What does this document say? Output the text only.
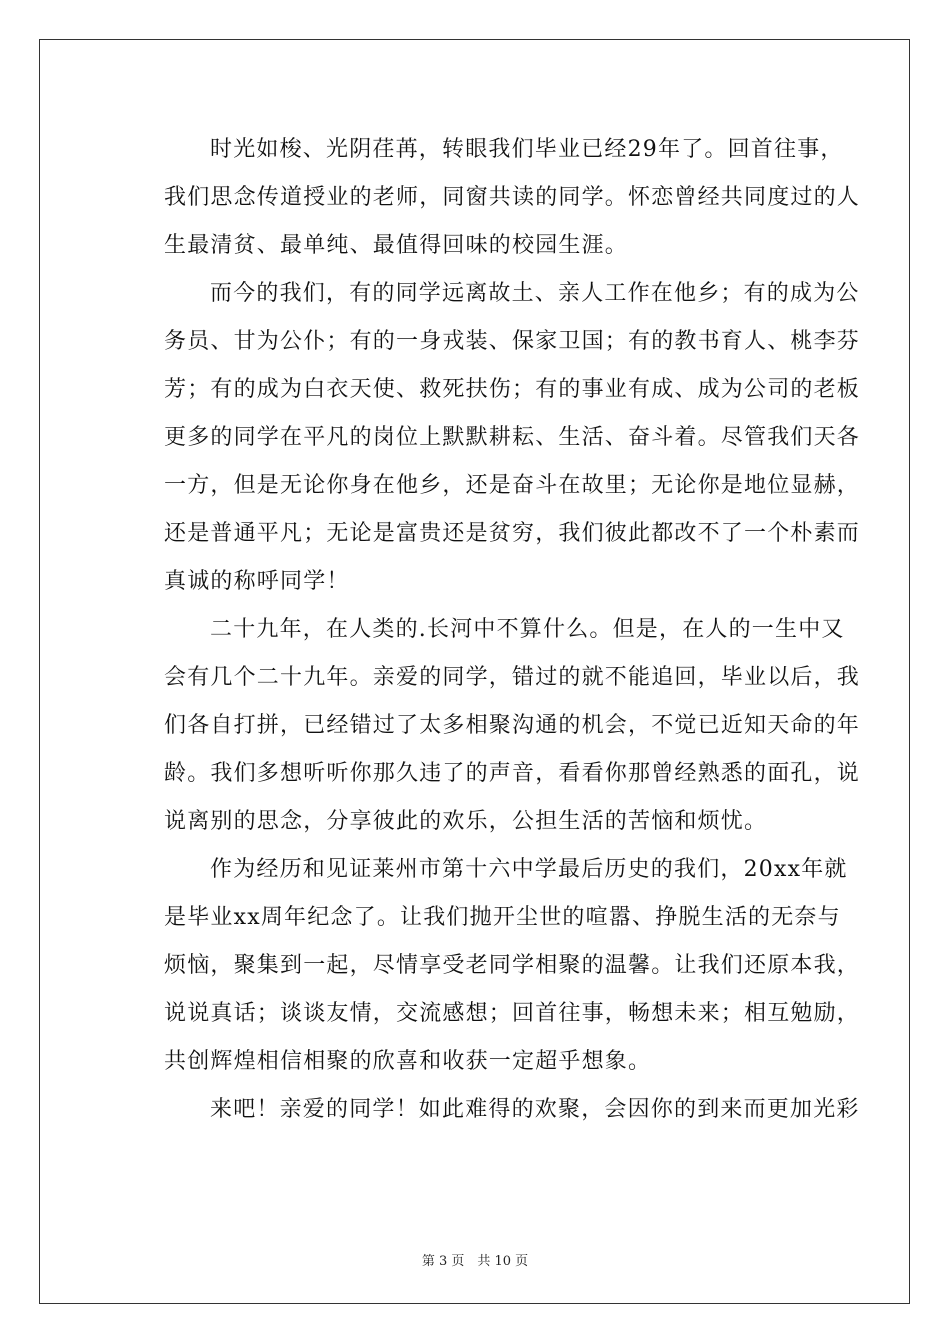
时光如梭、光阴荏苒，转眼我们毕业已经29年了。回首往事，
我们思念传道授业的老师，同窗共读的同学。怀恋曾经共同度过的人
生最清贫、最单纯、最值得回味的校园生涯。
而今的我们，有的同学远离故土、亲人工作在他乡；有的成为公
务员、甘为公仆；有的一身戎装、保家卫国；有的教书育人、桃李芬
芳；有的成为白衣天使、救死扶伤；有的事业有成、成为公司的老板
更多的同学在平凡的岗位上默默耕耘、生活、奋斗着。尽管我们天各
一方，但是无论你身在他乡，还是奋斗在故里；无论你是地位显赫，
还是普通平凡；无论是富贵还是贫穷，我们彼此都改不了一个朴素而
真诚的称呼同学！
二十九年，在人类的.长河中不算什么。但是，在人的一生中又
会有几个二十九年。亲爱的同学，错过的就不能追回，毕业以后，我
们各自打拼，已经错过了太多相聚沟通的机会，不觉已近知天命的年
龄。我们多想听听你那久违了的声音，看看你那曾经熟悉的面孔，说
说离别的思念，分享彼此的欢乐，公担生活的苦恼和烦忧。
作为经历和见证莱州市第十六中学最后历史的我们，20xx年就
是毕业xx周年纪念了。让我们抛开尘世的喧嚣、挣脱生活的无奈与
烦恼，聚集到一起，尽情享受老同学相聚的温馨。让我们还原本我，
说说真话；谈谈友情，交流感想；回首往事，畅想未来；相互勉励，
共创辉煌相信相聚的欣喜和收获一定超乎想象。
来吧！亲爱的同学！如此难得的欢聚，会因你的到来而更加光彩
第 3 页　共 10 页
